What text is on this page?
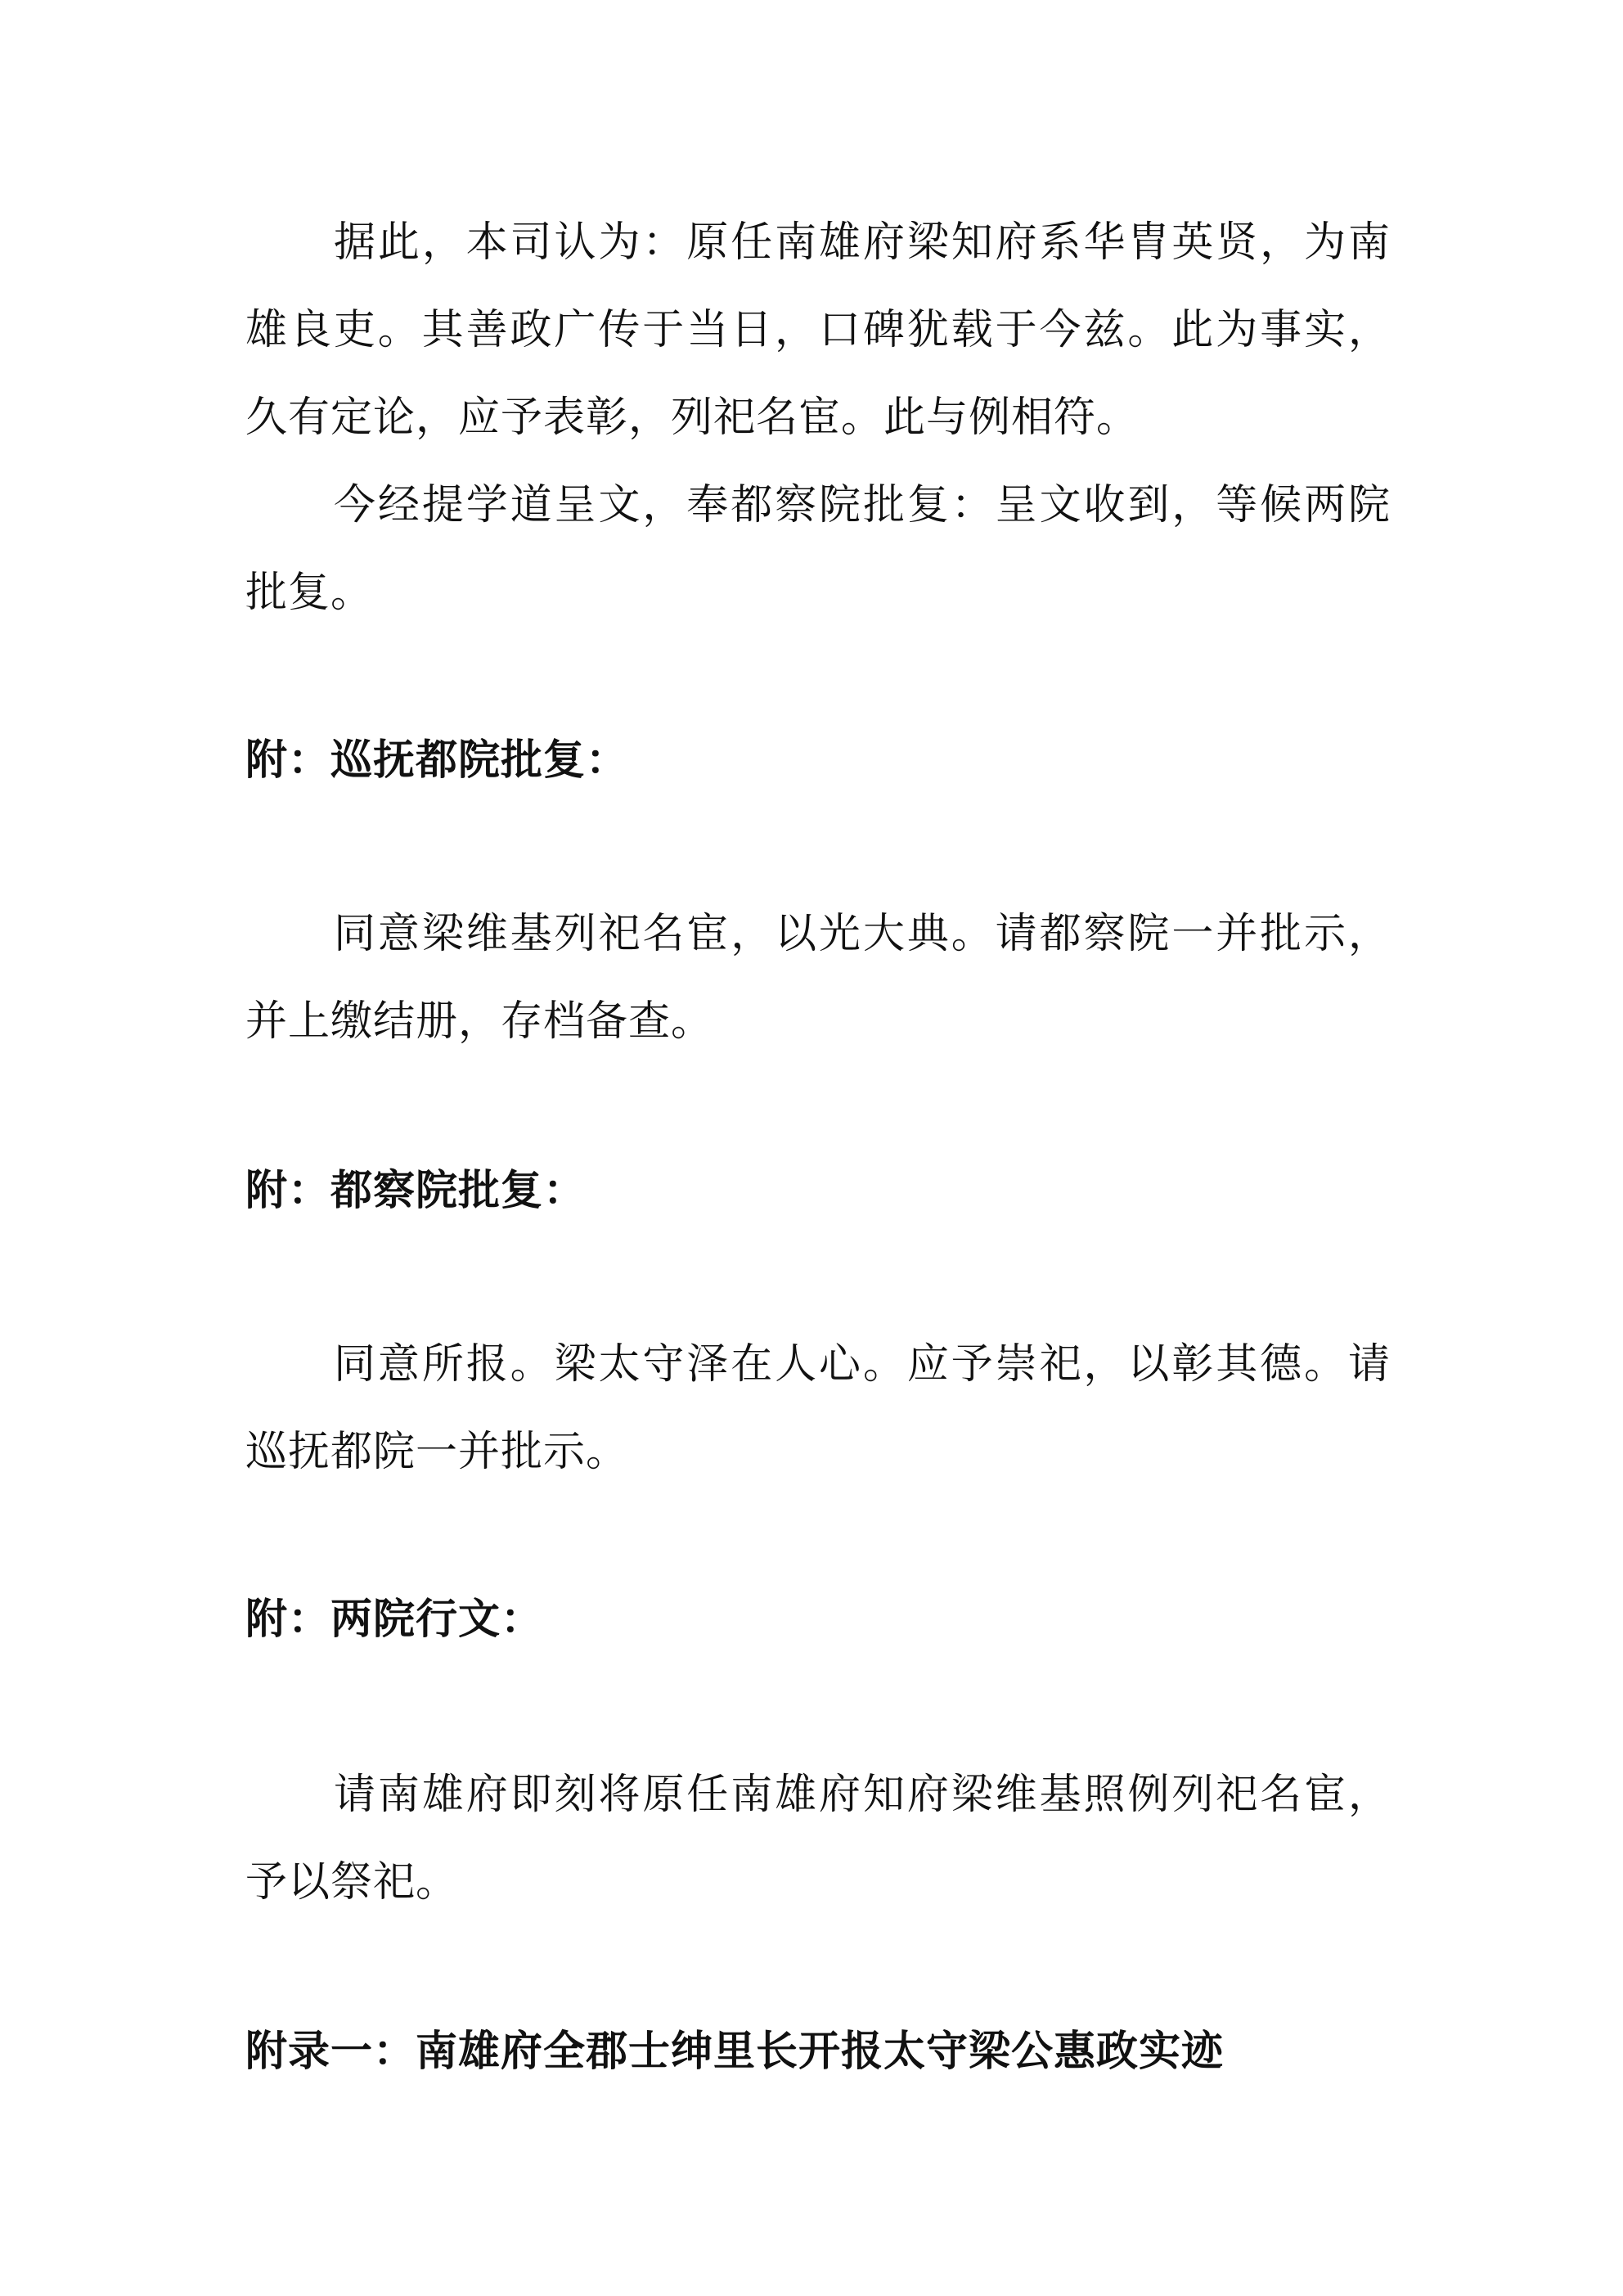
据此，本司认为：原任南雄府梁知府系华胄英贤，为南雄良吏。其善政广传于当日，口碑犹载于今兹。此为事实，久有定论，应予表彰，列祀名宦。此与例相符。

今经提学道呈文，奉都察院批复：呈文收到，等候两院批复。

附：巡抚都院批复：

同意梁维基列祀名宦，以光大典。请都察院一并批示，并上缴结册，存档备查。

附：都察院批复：

同意所报。梁太守泽在人心。应予崇祀，以彰其德。请巡抚都院一并批示。

附：两院行文：

请南雄府即刻将原任南雄府知府梁维基照例列祀名宦，予以祭祀。

附录一：南雄府全郡士绅里长开报太守梁公惠政实迹
